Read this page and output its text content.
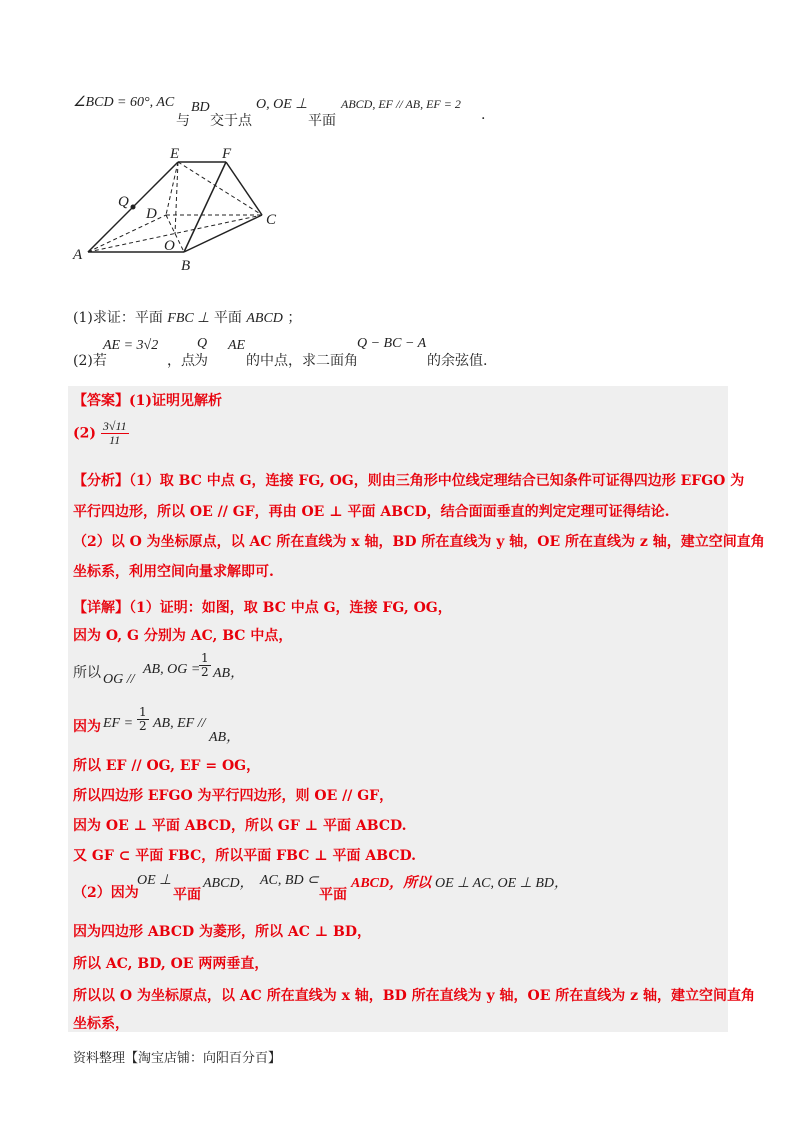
∠BCD = 60°, AC
与
BD
交于点
O, OE ⊥
平面
ABCD, EF // AB, EF = 2
.
E	F
Q
D	C
O
A
B
(1)求证：平面 FBC ⊥ 平面 ABCD ；
(2)若
AE = 3√2
，点
Q
为
AE
的中点，求二面角
Q − BC − A
的余弦值.
【答案】(1)证明见解析
$(2) \frac{3√11}{11}$
【分析】（1）取 BC 中点 G，连接 FG, OG，则由三角形中位线定理结合已知条件可证得四边形 EFGO 为
平行四边形，所以 OE // GF，再由 OE ⊥ 平面 ABCD，结合面面垂直的判定定理可证得结论.
（2）以 O 为坐标原点，以 AC 所在直线为 x 轴，BD 所在直线为 y 轴，OE 所在直线为 z 轴，建立空间直角
坐标系，利用空间向量求解即可.
【详解】（1）证明：如图，取 BC 中点 G，连接 FG, OG，
因为 O, G 分别为 AC, BC 中点，
所以 OG //
AB, OG =
$\frac{1}{2}$ AB，
因为 EF = $\frac{1}{2}$ AB, EF //
AB，
所以 EF // OG, EF = OG，
所以四边形 EFGO 为平行四边形，则 OE // GF，
因为 OE ⊥ 平面 ABCD，所以 GF ⊥ 平面 ABCD.
又 GF ⊂ 平面 FBC，所以平面 FBC ⊥ 平面 ABCD.
（2）因为
OE ⊥
平面
ABCD， AC, BD ⊂
平面
ABCD，所以 OE ⊥ AC, OE ⊥ BD，
因为四边形 ABCD 为菱形，所以 AC ⊥ BD，
所以 AC, BD, OE 两两垂直，
所以以 O 为坐标原点，以 AC 所在直线为 x 轴，BD 所在直线为 y 轴，OE 所在直线为 z 轴，建立空间直角
坐标系，
资料整理【淘宝店铺：向阳百分百】
